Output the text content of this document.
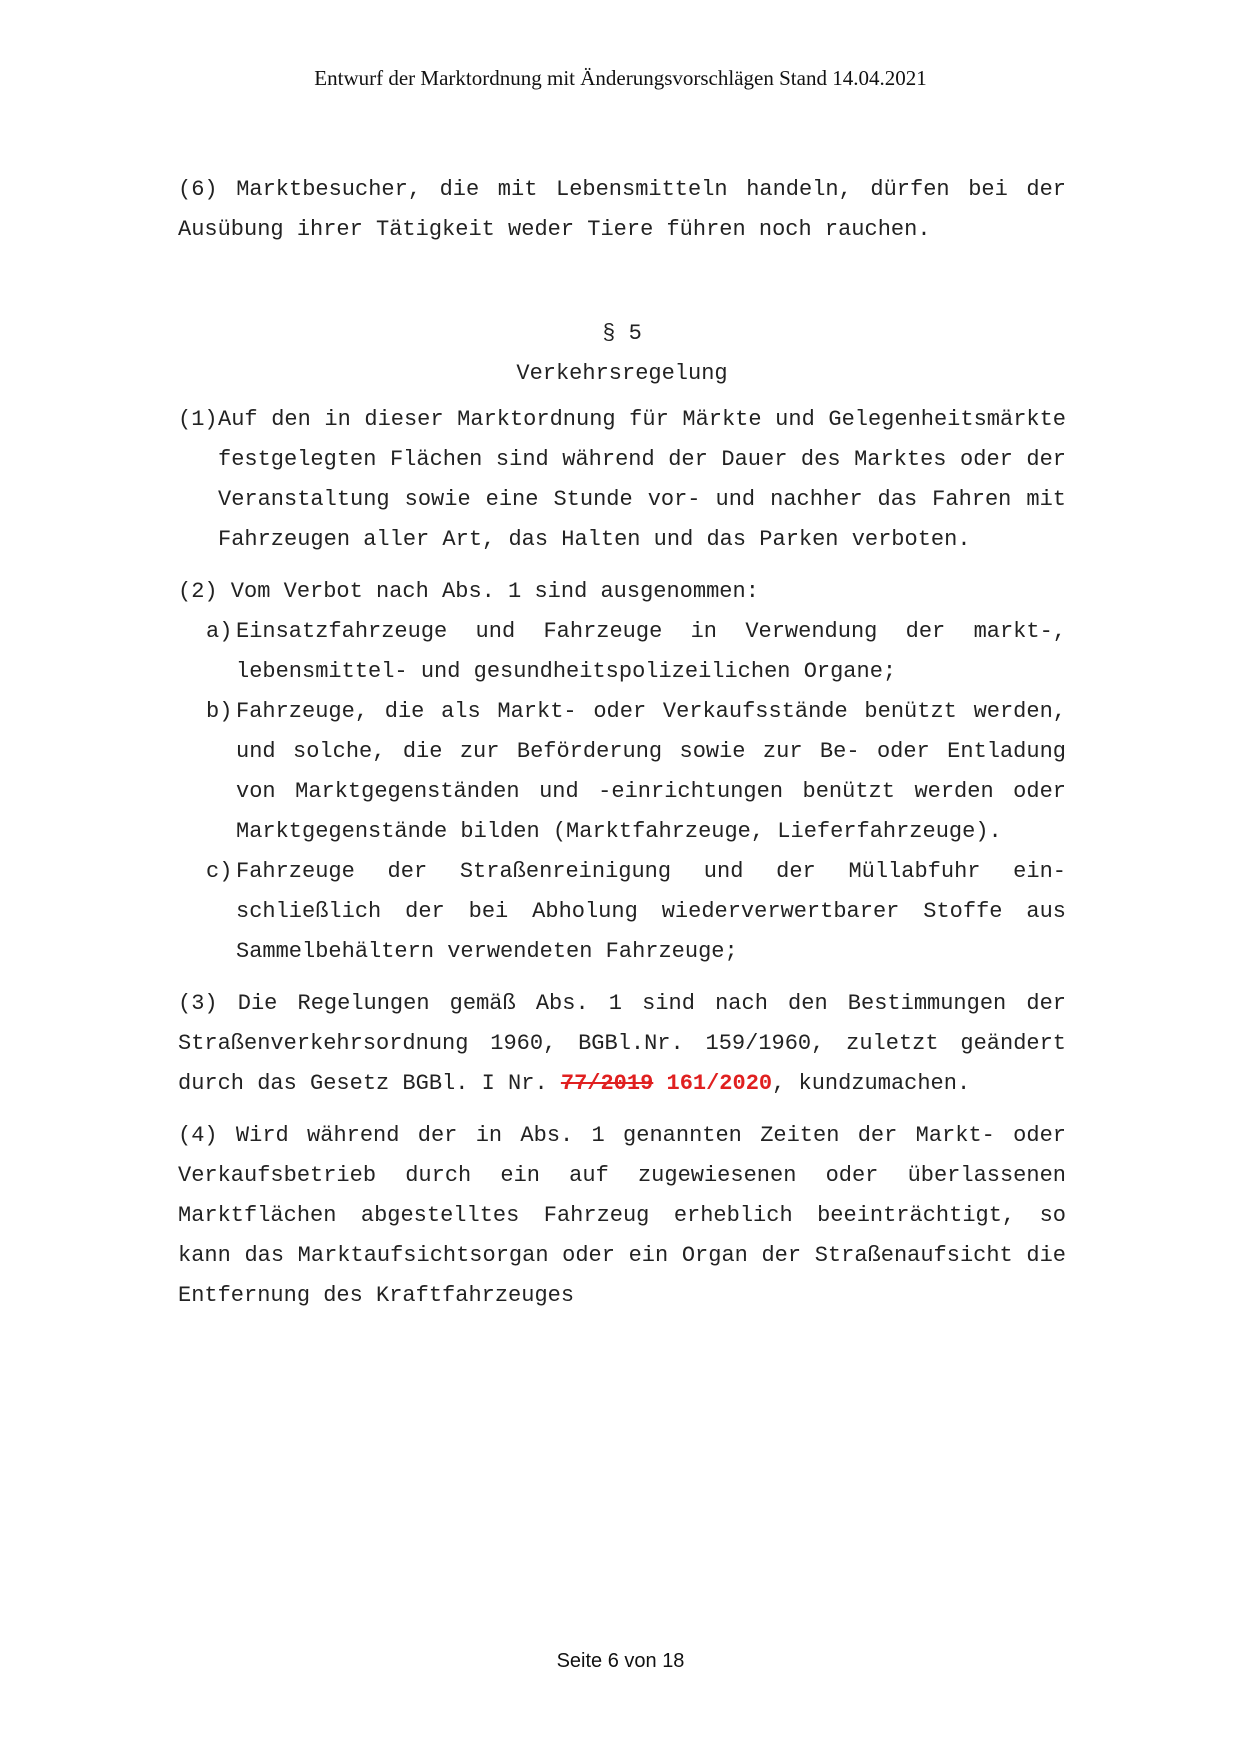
Entwurf der Marktordnung mit Änderungsvorschlägen Stand 14.04.2021

(6) Marktbesucher, die mit Lebensmitteln handeln, dürfen bei der Ausübung ihrer Tätigkeit weder Tiere führen noch rauchen.

§ 5

Verkehrsregelung

(1)
Auf den in dieser Marktordnung für Märkte und Gelegenheitsmärkte festgelegten Flächen sind während der Dauer des Marktes oder der Veranstaltung sowie eine Stunde vor- und nachher das Fahren mit Fahrzeugen aller Art, das Halten und das Parken verboten.

(2) Vom Verbot nach Abs. 1 sind ausgenommen:

a) Einsatzfahrzeuge und Fahrzeuge in Verwendung der markt-, lebensmittel- und gesundheitspolizeilichen Organe;
b) Fahrzeuge, die als Markt- oder Verkaufsstände benützt werden, und solche, die zur Beförderung sowie zur Be- oder Entladung von Marktgegenständen und -einrichtungen benützt werden oder Marktgegenstände bilden (Marktfahrzeuge, Lieferfahrzeuge).
c) Fahrzeuge der Straßenreinigung und der Müllabfuhr einschließlich der bei Abholung wiederverwertbarer Stoffe aus Sammelbehältern verwendeten Fahrzeuge;

(3) Die Regelungen gemäß Abs. 1 sind nach den Bestimmungen der Straßenverkehrsordnung 1960, BGBl.Nr. 159/1960, zuletzt geändert durch das Gesetz BGBl. I Nr. 77/2019 161/2020, kundzumachen.

(4) Wird während der in Abs. 1 genannten Zeiten der Markt- oder Verkaufsbetrieb durch ein auf zugewiesenen oder überlassenen Marktflächen abgestelltes Fahrzeug erheblich beeinträchtigt, so kann das Marktaufsichtsorgan oder ein Organ der Straßenaufsicht die Entfernung des Kraftfahrzeuges

Seite 6 von 18
